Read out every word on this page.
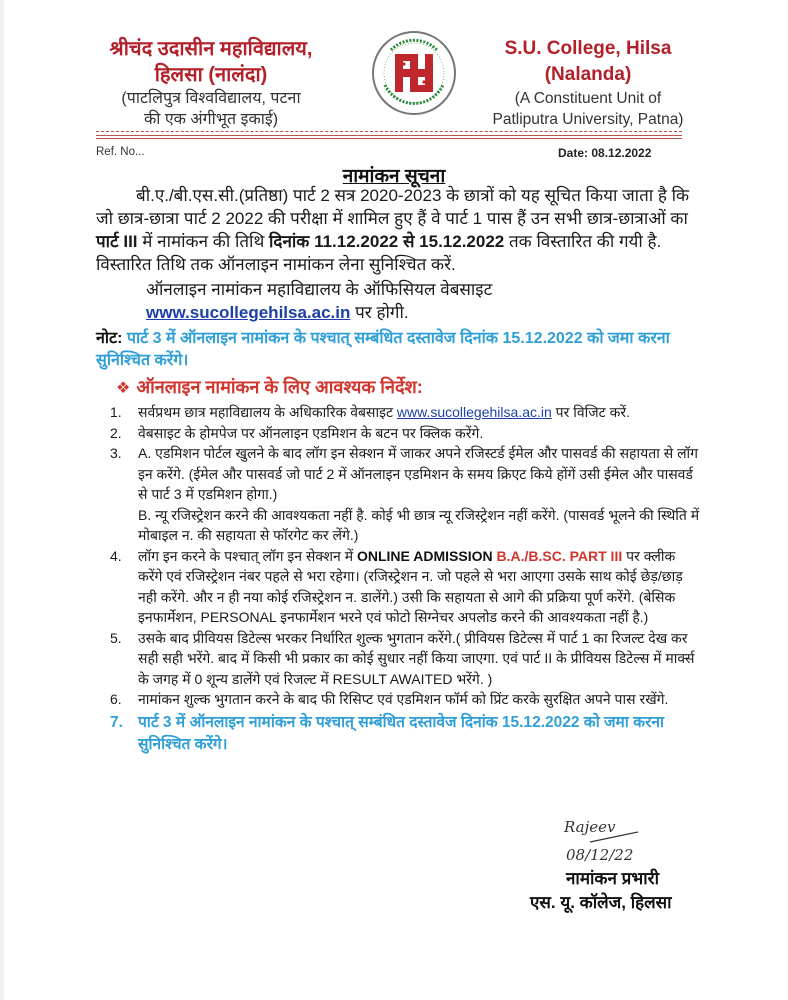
श्रीचंद उदासीन महाविद्यालय,
हिलसा (नालंदा)
(पाटलिपुत्र विश्वविद्यालय, पटना
की एक अंगीभूत इकाई)
S.U. College, Hilsa
(Nalanda)
(A Constituent Unit of
Patliputra University, Patna)
Ref. No...	Date: 08.12.2022
नामांकन सूचना
बी.ए./बी.एस.सी.(प्रतिष्ठा) पार्ट 2 सत्र 2020-2023 के छात्रों को यह सूचित किया जाता है कि जो छात्र-छात्रा पार्ट 2 2022 की परीक्षा में शामिल हुए हैं वे पार्ट 1 पास हैं उन सभी छात्र-छात्राओं का पार्ट III में नामांकन की तिथि दिनांक 11.12.2022 से 15.12.2022 तक विस्तारित की गयी है. विस्तारित तिथि तक ऑनलाइन नामांकन लेना सुनिश्चित करें.
ऑनलाइन नामांकन महाविद्यालय के ऑफिसियल वेबसाइट
www.sucollegehilsa.ac.in पर होगी.
नोट: पार्ट 3 में ऑनलाइन नामांकन के पश्चात् सम्बंधित दस्तावेज दिनांक 15.12.2022 को जमा करना सुनिश्चित करेंगे।
❖ ऑनलाइन नामांकन के लिए आवश्यक निर्देश:
1. सर्वप्रथम छात्र महाविद्यालय के अधिकारिक वेबसाइट www.sucollegehilsa.ac.in पर विजिट करें.
2. वेबसाइट के होमपेज पर ऑनलाइन एडमिशन के बटन पर क्लिक करेंगे.
3. A. एडमिशन पोर्टल खुलने के बाद लॉग इन सेक्शन में जाकर अपने रजिस्टर्ड ईमेल और पासवर्ड की सहायता से लॉग इन करेंगे. (ईमेल और पासवर्ड जो पार्ट 2 में ऑनलाइन एडमिशन के समय क्रिएट किये होंगें उसी ईमेल और पासवर्ड से पार्ट 3 में एडमिशन होगा.)
B. न्यू रजिस्ट्रेशन करने की आवश्यकता नहीं है. कोई भी छात्र न्यू रजिस्ट्रेशन नहीं करेंगे. (पासवर्ड भूलने की स्थिति में मोबाइल न. की सहायता से फॉरगेट कर लेंगे.)
4. लॉग इन करने के पश्चात् लॉग इन सेक्शन में ONLINE ADMISSION B.A./B.SC. PART III पर क्लीक करेंगे एवं रजिस्ट्रेशन नंबर पहले से भरा रहेगा। (रजिस्ट्रेशन न. जो पहले से भरा आएगा उसके साथ कोई छेड़/छाड़ नही करेंगे. और न ही नया कोई रजिस्ट्रेशन न. डालेंगे.) उसी कि सहायता से आगे की प्रक्रिया पूर्ण करेंगे. (बेसिक इनफार्मेशन, PERSONAL इनफार्मेशन भरने एवं फोटो सिग्नेचर अपलोड करने की आवश्यकता नहीं है.)
5. उसके बाद प्रीवियस डिटेल्स भरकर निर्धारित शुल्क भुगतान करेंगे.( प्रीवियस डिटेल्स में पार्ट 1 का रिजल्ट देख कर सही सही भरेंगे. बाद में किसी भी प्रकार का कोई सुधार नहीं किया जाएगा. एवं पार्ट II के प्रीवियस डिटेल्स में मार्क्स के जगह में 0 शून्य डालेंगे एवं रिजल्ट में RESULT AWAITED भरेंगे. )
6. नामांकन शुल्क भुगतान करने के बाद फी रिसिप्ट एवं एडमिशन फॉर्म को प्रिंट करके सुरक्षित अपने पास रखेंगे.
7. पार्ट 3 में ऑनलाइन नामांकन के पश्चात् सम्बंधित दस्तावेज दिनांक 15.12.2022 को जमा करना सुनिश्चित करेंगे।
Rajeev
08/12/22
नामांकन प्रभारी
एस. यू. कॉलेज, हिलसा
